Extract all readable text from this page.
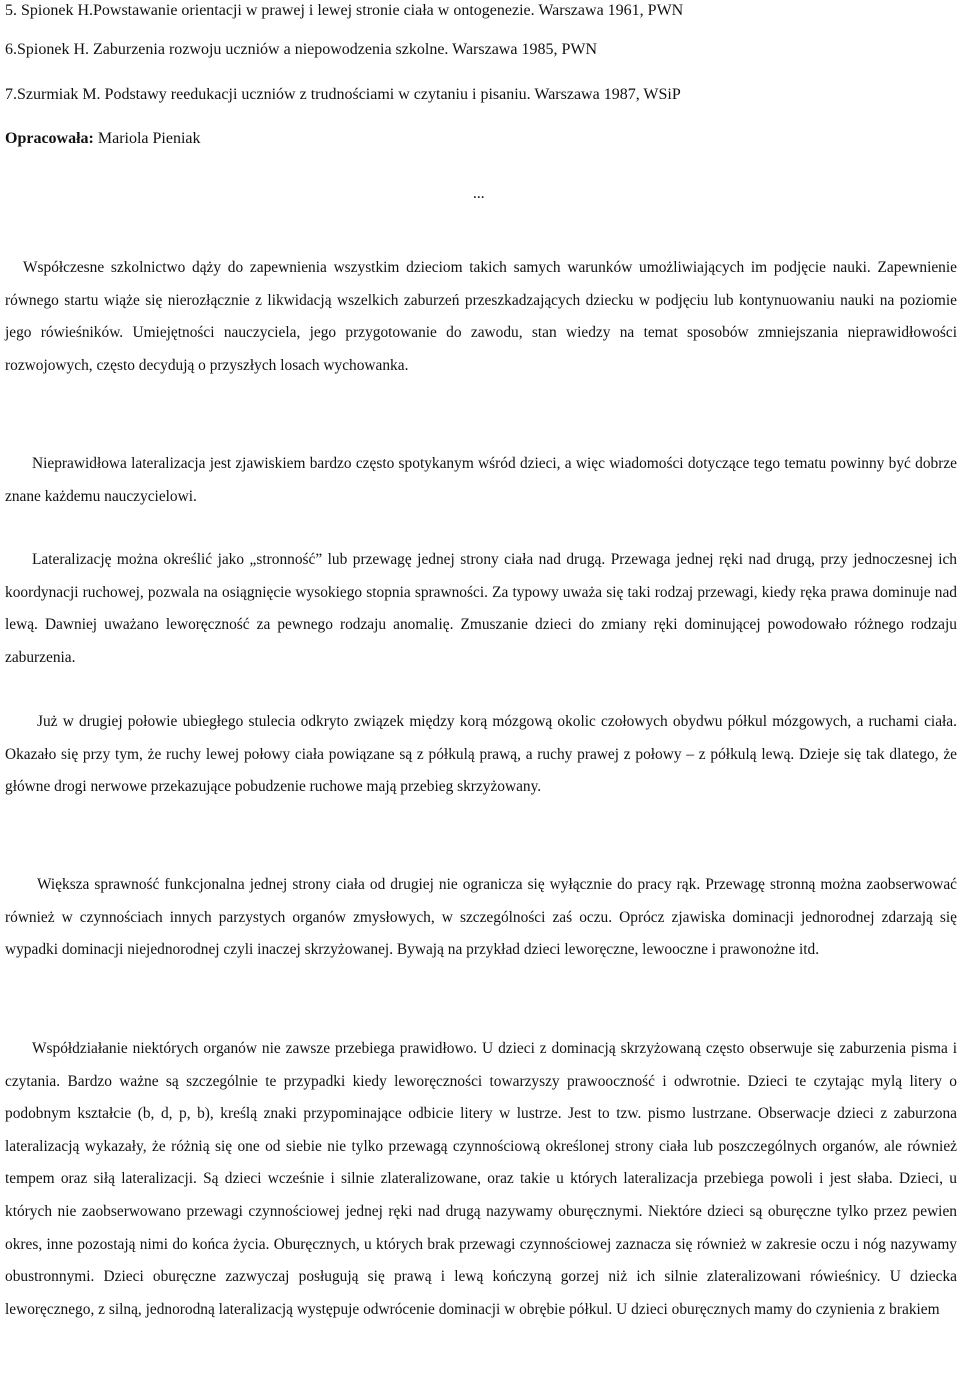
5. Spionek H.Powstawanie orientacji w prawej i lewej stronie ciała w ontogenezie. Warszawa 1961, PWN
6.Spionek H. Zaburzenia rozwoju uczniów a niepowodzenia szkolne. Warszawa 1985, PWN
7.Szurmiak M. Podstawy reedukacji uczniów z trudnościami w czytaniu i pisaniu. Warszawa 1987, WSiP
Opracowała: Mariola Pieniak
...

Współczesne szkolnictwo dąży do zapewnienia wszystkim dzieciom takich samych warunków umożliwiających im podjęcie nauki. Zapewnienie równego startu wiąże się nierozłącznie z likwidacją wszelkich zaburzeń przeszkadzających dziecku w podjęciu lub kontynuowaniu nauki na poziomie jego rówieśników. Umiejętności nauczyciela, jego przygotowanie do zawodu, stan wiedzy na temat sposobów zmniejszania nieprawidłowości rozwojowych, często decydują o przyszłych losach wychowanka.

Nieprawidłowa lateralizacja jest zjawiskiem bardzo często spotykanym wśród dzieci, a więc wiadomości dotyczące tego tematu powinny być dobrze znane każdemu nauczycielowi.

Lateralizację można określić jako „stronność” lub przewagę jednej strony ciała nad drugą. Przewaga jednej ręki nad drugą, przy jednoczesnej ich koordynacji ruchowej, pozwala na osiągnięcie wysokiego stopnia sprawności. Za typowy uważa się taki rodzaj przewagi, kiedy ręka prawa dominuje nad lewą. Dawniej uważano leworęczność za pewnego rodzaju anomalię. Zmuszanie dzieci do zmiany ręki dominującej powodowało różnego rodzaju zaburzenia.

Już w drugiej połowie ubiegłego stulecia odkryto związek między korą mózgową okolic czołowych obydwu półkul mózgowych, a ruchami ciała. Okazało się przy tym, że ruchy lewej połowy ciała powiązane są z półkulą prawą, a ruchy prawej z połowy – z półkulą lewą. Dzieje się tak dlatego, że główne drogi nerwowe przekazujące pobudzenie ruchowe mają przebieg skrzyżowany.

Większa sprawność funkcjonalna jednej strony ciała od drugiej nie ogranicza się wyłącznie do pracy rąk. Przewagę stronną można zaobserwować również w czynnościach innych parzystych organów zmysłowych, w szczególności zaś oczu. Oprócz zjawiska dominacji jednorodnej zdarzają się wypadki dominacji niejednorodnej czyli inaczej skrzyżowanej. Bywają na przykład dzieci leworęczne, lewooczne i prawonożne itd.

Współdziałanie niektórych organów nie zawsze przebiega prawidłowo. U dzieci z dominacją skrzyżowaną często obserwuje się zaburzenia pisma i czytania. Bardzo ważne są szczególnie te przypadki kiedy leworęczności towarzyszy prawooczność i odwrotnie. Dzieci te czytając mylą litery o podobnym kształcie (b, d, p, b), kreślą znaki przypominające odbicie litery w lustrze. Jest to tzw. pismo lustrzane. Obserwacje dzieci z zaburzona lateralizacją wykazały, że różnią się one od siebie nie tylko przewagą czynnościową określonej strony ciała lub poszczególnych organów, ale również tempem oraz siłą lateralizacji. Są dzieci wcześnie i silnie zlateralizowane, oraz takie u których lateralizacja przebiega powoli i jest słaba. Dzieci, u których nie zaobserwowano przewagi czynnościowej jednej ręki nad drugą nazywamy oburęcznymi. Niektóre dzieci są oburęczne tylko przez pewien okres, inne pozostają nimi do końca życia. Oburęcznych, u których brak przewagi czynnościowej zaznacza się również w zakresie oczu i nóg nazywamy obustronnymi. Dzieci oburęczne zazwyczaj posługują się prawą i lewą kończyną gorzej niż ich silnie zlateralizowani rówieśnicy. U dziecka leworęcznego, z silną, jednorodną lateralizacją występuje odwrócenie dominacji w obrębie półkul. U dzieci oburęcznych mamy do czynienia z brakiem
